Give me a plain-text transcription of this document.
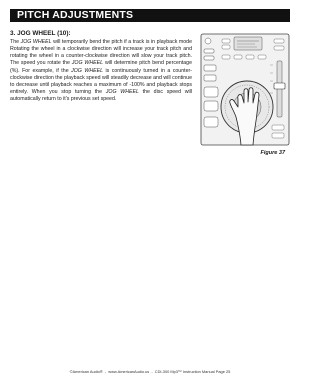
PITCH ADJUSTMENTS
3. JOG WHEEL (10):

The JOG WHEEL will temporarily bend the pitch if a track is in playback mode Rotating the wheel in a clockwise direction will increase your track pitch and rotating the wheel in a counter-clockwise direction will slow your track pitch. The speed you rotate the JOG WHEEL will determine pitch bend percentage (%). For example, if the JOG WHEEL is continuously turned in a counter-clockwise direction the playback speed will steadily decrease and will continue to decrease until playback reaches a maximum of -100% and playback stops entirely. When you stop turning the JOG WHEEL the disc speed will automatically return to it's previous set speed.

Figure 37
©American Audio®  -  www.AmericanAudio.us  -  CDI-300 Mp3™ Instruction Manual Page 25
